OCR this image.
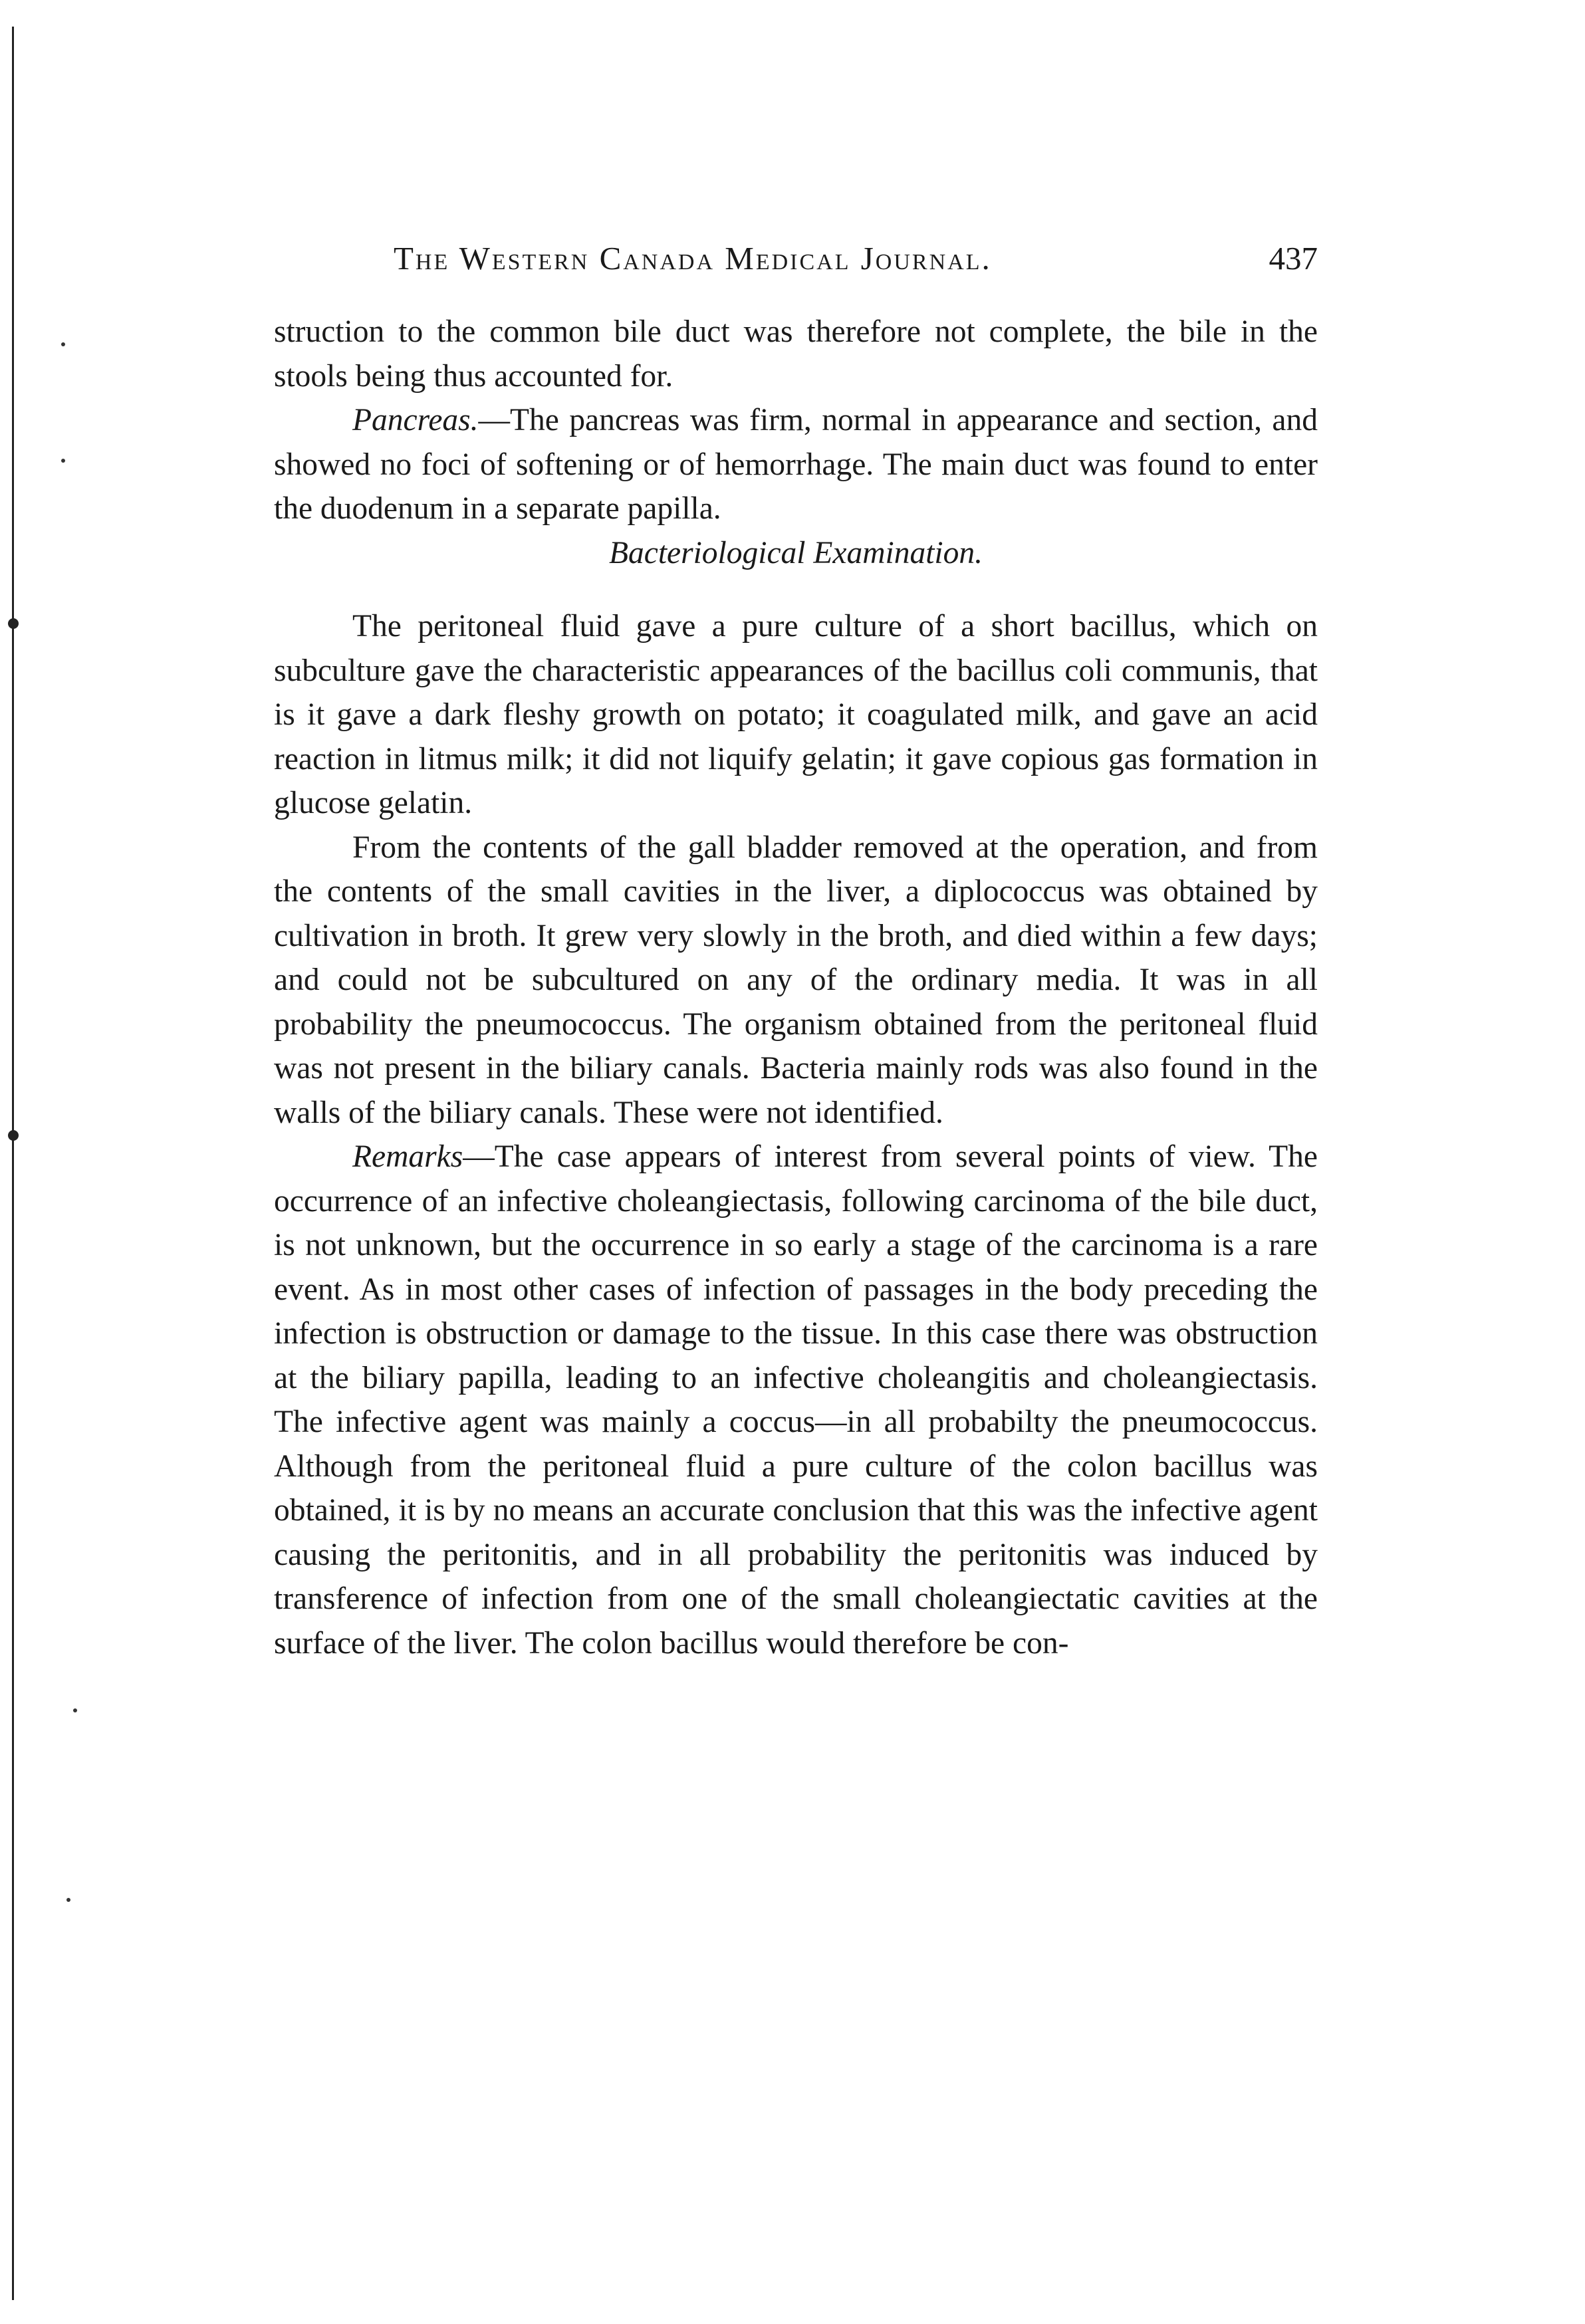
The Western Canada Medical Journal.	437

struction to the common bile duct was therefore not complete, the bile in the stools being thus accounted for.

Pancreas.—The pancreas was firm, normal in appearance and section, and showed no foci of softening or of hemorrhage. The main duct was found to enter the duodenum in a separate papilla.

Bacteriological Examination.

The peritoneal fluid gave a pure culture of a short bacillus, which on subculture gave the characteristic appearances of the bacillus coli communis, that is it gave a dark fleshy growth on potato; it coagulated milk, and gave an acid reaction in litmus milk; it did not liquify gelatin; it gave copious gas formation in glucose gelatin.

From the contents of the gall bladder removed at the operation, and from the contents of the small cavities in the liver, a diplococcus was obtained by cultivation in broth. It grew very slowly in the broth, and died within a few days; and could not be subcultured on any of the ordinary media. It was in all probability the pneumococcus. The organism obtained from the peritoneal fluid was not present in the biliary canals. Bacteria mainly rods was also found in the walls of the biliary canals. These were not identified.

Remarks—The case appears of interest from several points of view. The occurrence of an infective choleangiectasis, following carcinoma of the bile duct, is not unknown, but the occurrence in so early a stage of the carcinoma is a rare event. As in most other cases of infection of passages in the body preceding the infection is obstruction or damage to the tissue. In this case there was obstruction at the biliary papilla, leading to an infective choleangitis and choleangiectasis. The infective agent was mainly a coccus—in all probabilty the pneumococcus. Although from the peritoneal fluid a pure culture of the colon bacillus was obtained, it is by no means an accurate conclusion that this was the infective agent causing the peritonitis, and in all probability the peritonitis was induced by transference of infection from one of the small choleangiectatic cavities at the surface of the liver. The colon bacillus would therefore be con-
